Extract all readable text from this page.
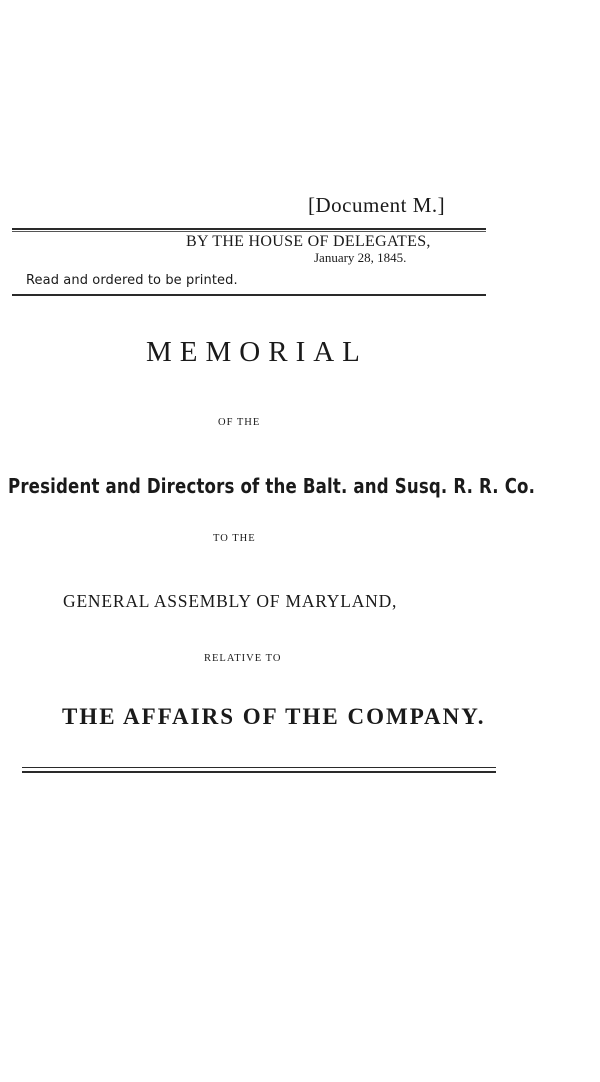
[Document M.]
BY THE HOUSE OF DELEGATES,
January 28, 1845.
Read and ordered to be printed.
MEMORIAL
OF THE
President and Directors of the Balt. and Susq. R. R. Co.
TO THE
GENERAL ASSEMBLY OF MARYLAND,
RELATIVE TO
THE AFFAIRS OF THE COMPANY.
